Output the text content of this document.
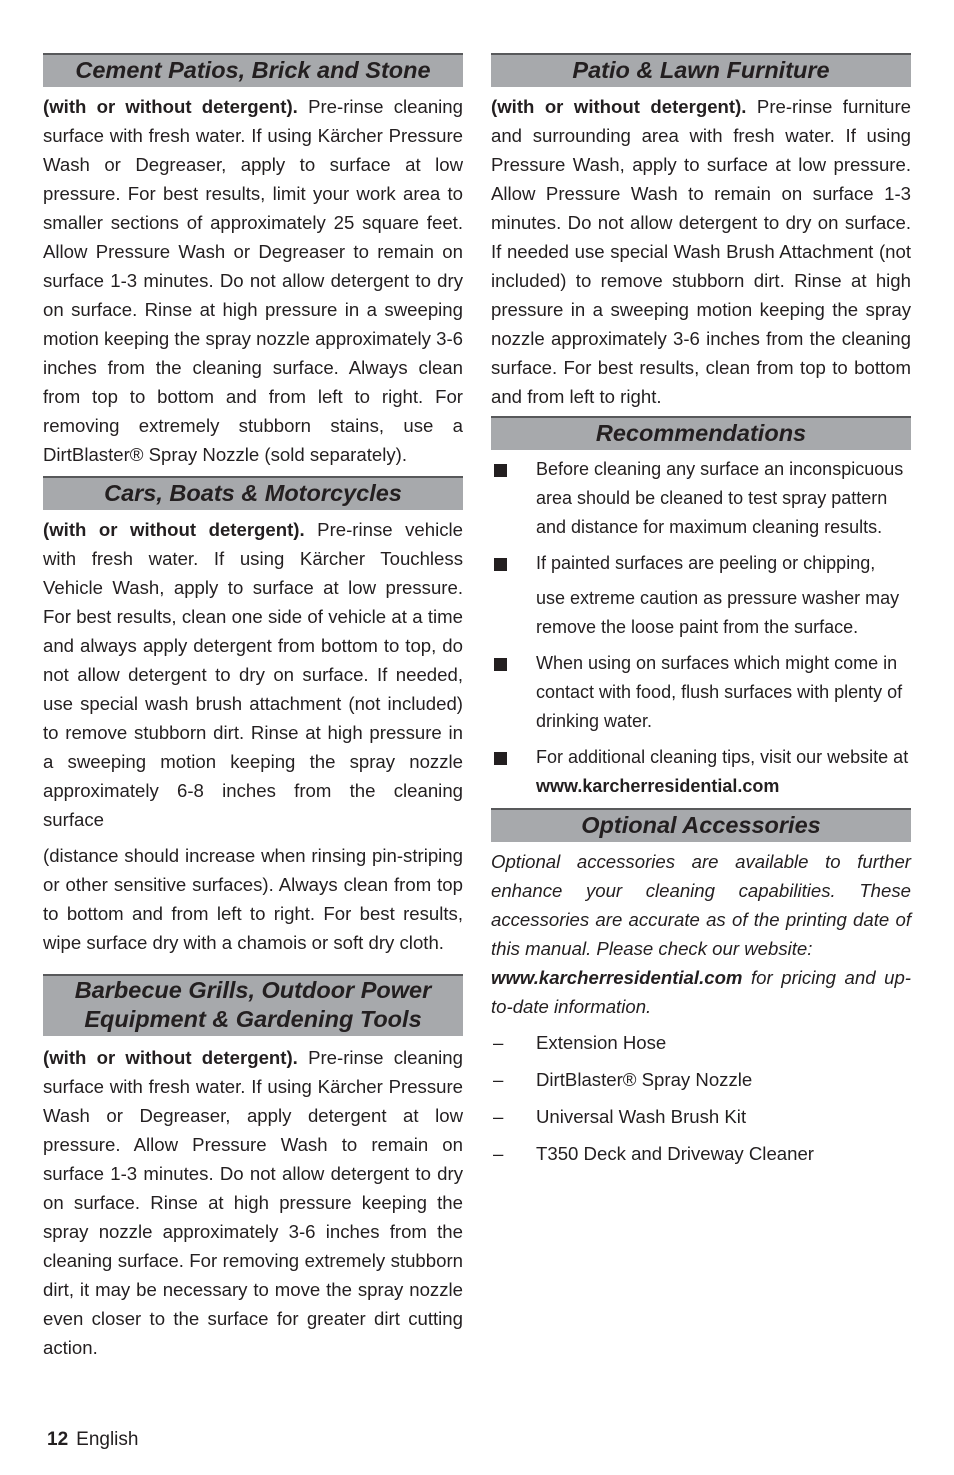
Cement Patios, Brick and Stone

(with or without detergent). Pre-rinse cleaning surface with fresh water. If using Kärcher Pressure Wash or Degreaser, apply to surface at low pressure. For best results, limit your work area to smaller sections of approximately 25 square feet. Allow Pressure Wash or Degreaser to remain on surface 1-3 minutes. Do not allow detergent to dry on surface. Rinse at high pressure in a sweeping motion keeping the spray nozzle approximately 3-6 inches from the cleaning surface. Always clean from top to bottom and from left to right. For removing extremely stubborn stains, use a DirtBlaster® Spray Nozzle (sold separately).

Cars, Boats & Motorcycles

(with or without detergent). Pre-rinse vehicle with fresh water. If using Kärcher Touchless Vehicle Wash, apply to surface at low pressure. For best results, clean one side of vehicle at a time and always apply detergent from bottom to top, do not allow detergent to dry on surface. If needed, use special wash brush attachment (not included) to remove stubborn dirt. Rinse at high pressure in a sweeping motion keeping the spray nozzle approximately 6-8 inches from the cleaning surface

(distance should increase when rinsing pin-striping or other sensitive surfaces). Always clean from top to bottom and from left to right. For best results, wipe surface dry with a chamois or soft dry cloth.

Barbecue Grills, Outdoor Power
Equipment & Gardening Tools

(with or without detergent). Pre-rinse cleaning surface with fresh water. If using Kärcher Pressure Wash or Degreaser, apply detergent at low pressure. Allow Pressure Wash to remain on surface 1-3 minutes. Do not allow detergent to dry on surface. Rinse at high pressure keeping the spray nozzle approximately 3-6 inches from the cleaning surface. For removing extremely stubborn dirt, it may be necessary to move the spray nozzle even closer to the surface for greater dirt cutting action.

Patio & Lawn Furniture

(with or without detergent). Pre-rinse furniture and surrounding area with fresh water. If using Pressure Wash, apply to surface at low pressure. Allow Pressure Wash to remain on surface 1-3 minutes. Do not allow detergent to dry on surface. If needed use special Wash Brush Attachment (not included) to remove stubborn dirt. Rinse at high pressure in a sweeping motion keeping the spray nozzle approximately 3-6 inches from the cleaning surface. For best results, clean from top to bottom and from left to right.

Recommendations
Before cleaning any surface an inconspicuous area should be cleaned to test spray pattern and distance for maximum cleaning results.
If painted surfaces are peeling or chipping,
use extreme caution as pressure washer may remove the loose paint from the surface.
When using on surfaces which might come in contact with food, flush surfaces with plenty of drinking water.
For additional cleaning tips, visit our website at www.karcherresidential.com
Optional Accessories

Optional accessories are available to further enhance your cleaning capabilities. These accessories are accurate as of the printing date of this manual. Please check our website:
www.karcherresidential.com for pricing and up-to-date information.

– Extension Hose
– DirtBlaster® Spray Nozzle
– Universal Wash Brush Kit
– T350 Deck and Driveway Cleaner
12 English
